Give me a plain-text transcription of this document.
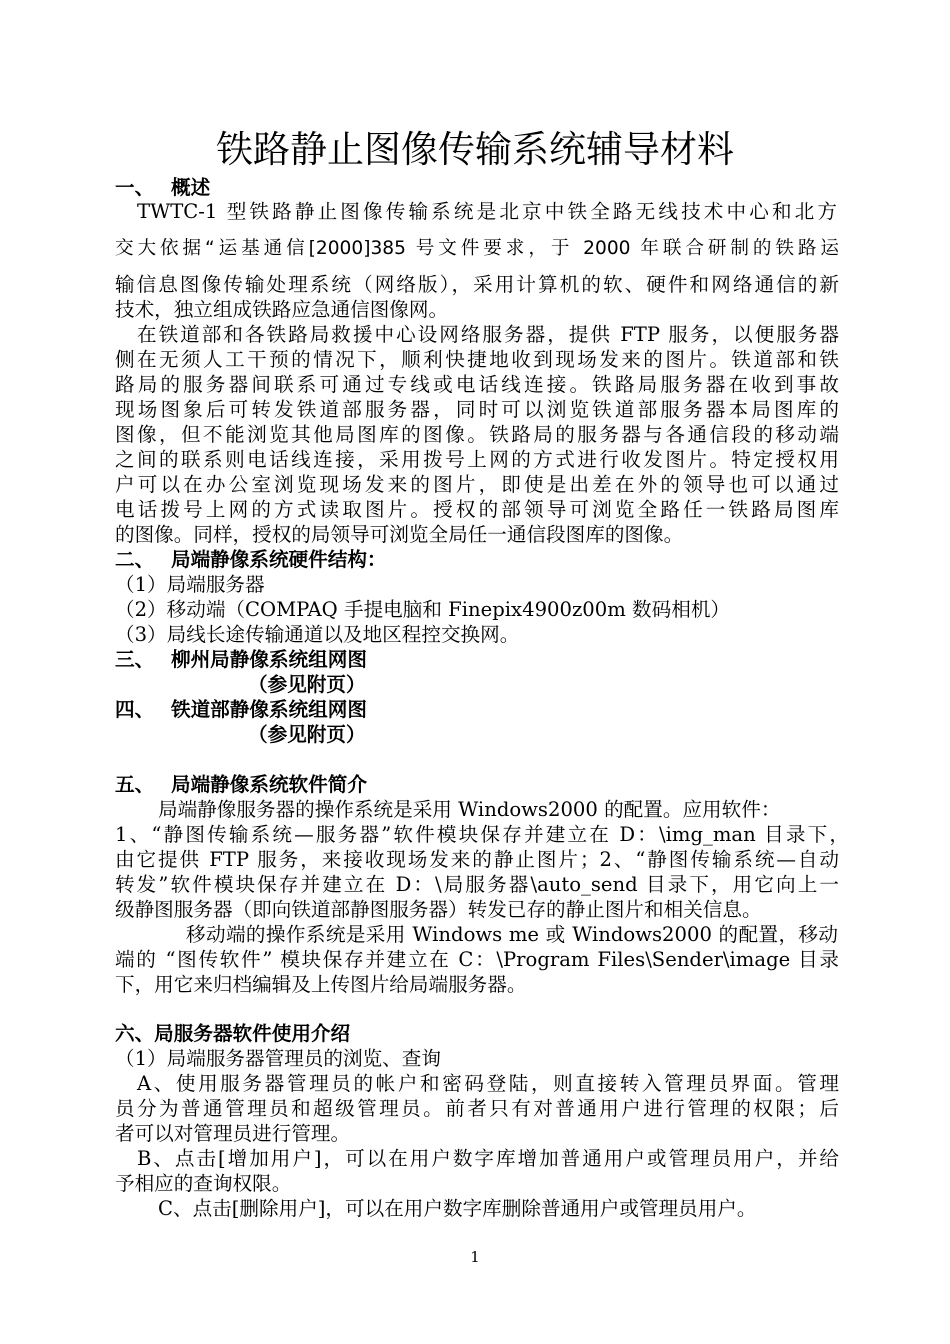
铁路静止图像传输系统辅导材料
一、 概述
TWTC-1 型铁路静止图像传输系统是北京中铁全路无线技术中心和北方
交大依据“运基通信[2000]385 号文件要求，于 2000 年联合研制的铁路运
输信息图像传输处理系统（网络版），采用计算机的软、硬件和网络通信的新
技术，独立组成铁路应急通信图像网。
在铁道部和各铁路局救援中心设网络服务器，提供 FTP 服务，以便服务器
侧在无须人工干预的情况下，顺利快捷地收到现场发来的图片。铁道部和铁
路局的服务器间联系可通过专线或电话线连接。铁路局服务器在收到事故
现场图象后可转发铁道部服务器，同时可以浏览铁道部服务器本局图库的
图像，但不能浏览其他局图库的图像。铁路局的服务器与各通信段的移动端
之间的联系则电话线连接，采用拨号上网的方式进行收发图片。特定授权用
户可以在办公室浏览现场发来的图片，即使是出差在外的领导也可以通过
电话拨号上网的方式读取图片。授权的部领导可浏览全路任一铁路局图库
的图像。同样，授权的局领导可浏览全局任一通信段图库的图像。
二、 局端静像系统硬件结构：
（1）局端服务器
（2）移动端（COMPAQ 手提电脑和 Finepix4900z00m 数码相机）
（3）局线长途传输通道以及地区程控交换网。
三、 柳州局静像系统组网图
（参见附页）
四、 铁道部静像系统组网图
（参见附页）
五、 局端静像系统软件简介
局端静像服务器的操作系统是采用 Windows2000 的配置。应用软件：
1、“静图传输系统—服务器”软件模块保存并建立在 D：\img_man 目录下，
由它提供 FTP 服务，来接收现场发来的静止图片；2、“静图传输系统—自动
转发”软件模块保存并建立在 D：\局服务器\auto_send 目录下，用它向上一
级静图服务器（即向铁道部静图服务器）转发已存的静止图片和相关信息。
移动端的操作系统是采用 Windows me 或 Windows2000 的配置，移动
端的 “图传软件” 模块保存并建立在 C：\Program Files\Sender\image 目录
下，用它来归档编辑及上传图片给局端服务器。
六、局服务器软件使用介绍
（1）局端服务器管理员的浏览、查询
A、使用服务器管理员的帐户和密码登陆，则直接转入管理员界面。管理
员分为普通管理员和超级管理员。前者只有对普通用户进行管理的权限；后
者可以对管理员进行管理。
B、点击[增加用户]，可以在用户数字库增加普通用户或管理员用户，并给
予相应的查询权限。
C、点击[删除用户]，可以在用户数字库删除普通用户或管理员用户。
1
